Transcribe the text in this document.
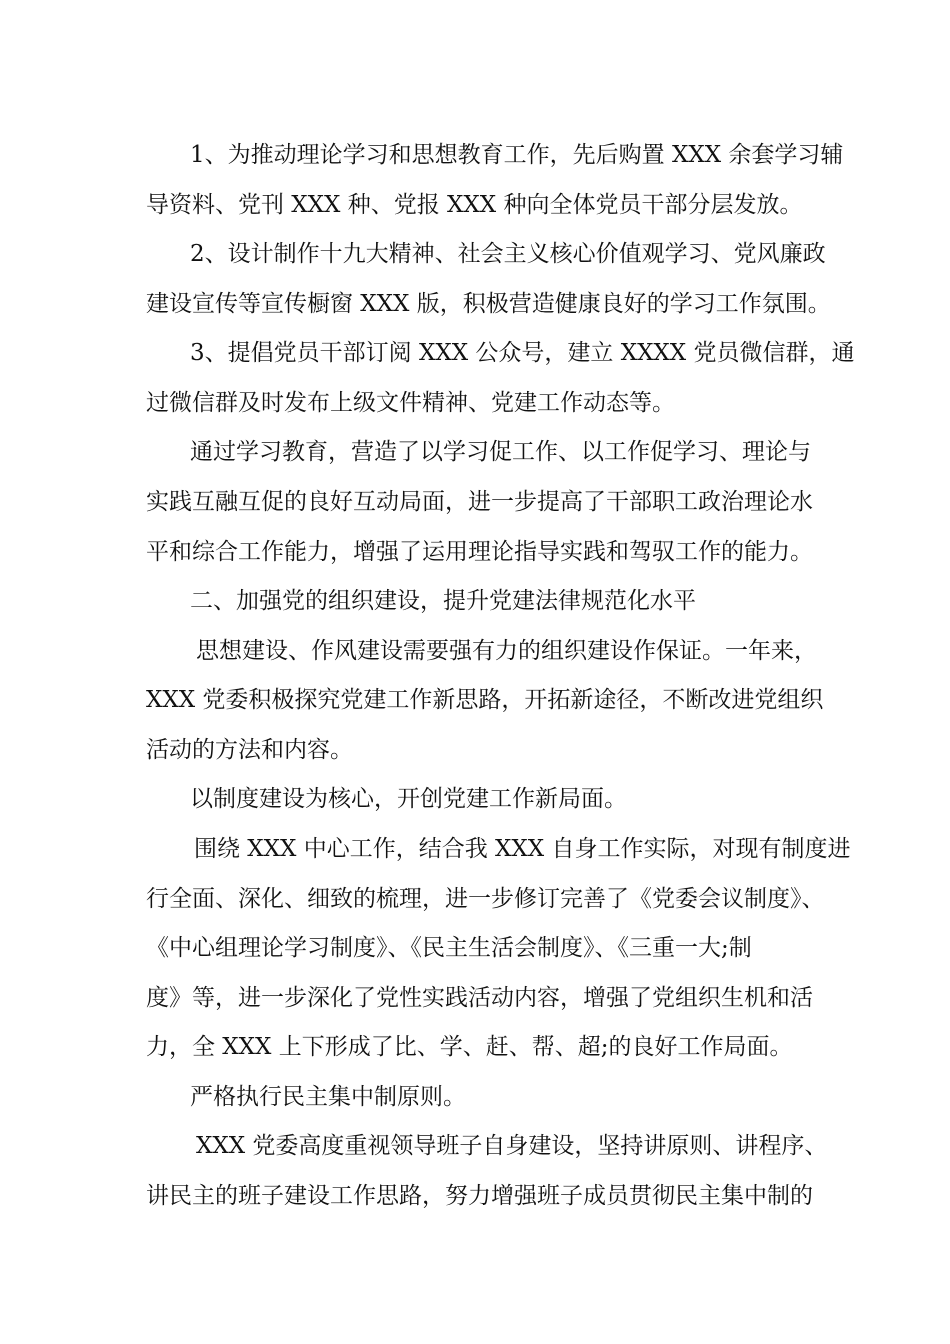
1、为推动理论学习和思想教育工作，先后购置 XXX 余套学习辅
导资料、党刊 XXX 种、党报 XXX 种向全体党员干部分层发放。
2、设计制作十九大精神、社会主义核心价值观学习、党风廉政
建设宣传等宣传橱窗 XXX 版，积极营造健康良好的学习工作氛围。
3、提倡党员干部订阅 XXX 公众号，建立 XXXX 党员微信群，通
过微信群及时发布上级文件精神、党建工作动态等。
通过学习教育，营造了以学习促工作、以工作促学习、理论与
实践互融互促的良好互动局面，进一步提高了干部职工政治理论水
平和综合工作能力，增强了运用理论指导实践和驾驭工作的能力。
二、加强党的组织建设，提升党建法律规范化水平
思想建设、作风建设需要强有力的组织建设作保证。一年来，
XXX 党委积极探究党建工作新思路，开拓新途径，不断改进党组织
活动的方法和内容。
以制度建设为核心，开创党建工作新局面。
围绕 XXX 中心工作，结合我 XXX 自身工作实际，对现有制度进
行全面、深化、细致的梳理，进一步修订完善了《党委会议制度》、
《中心组理论学习制度》、《民主生活会制度》、《三重一大;制
度》等，进一步深化了党性实践活动内容，增强了党组织生机和活
力，全 XXX 上下形成了比、学、赶、帮、超;的良好工作局面。
严格执行民主集中制原则。
XXX 党委高度重视领导班子自身建设，坚持讲原则、讲程序、
讲民主的班子建设工作思路，努力增强班子成员贯彻民主集中制的
